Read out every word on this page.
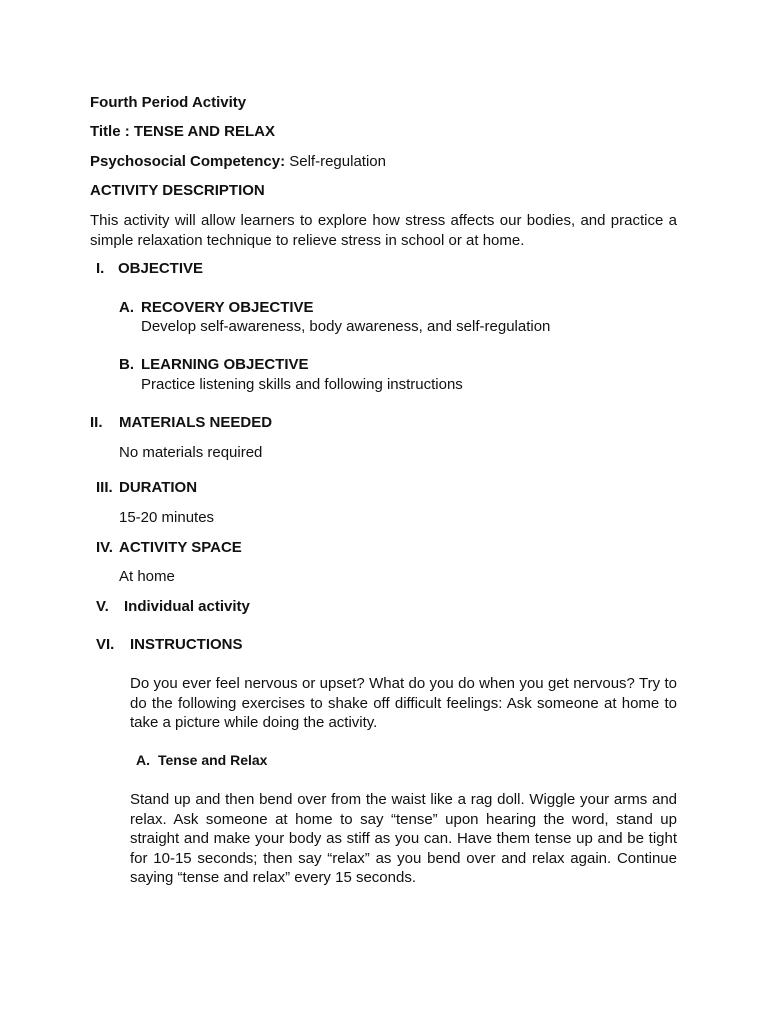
Fourth Period Activity
Title : TENSE AND RELAX
Psychosocial Competency: Self-regulation
ACTIVITY DESCRIPTION
This activity will allow learners to explore how stress affects our bodies, and practice a simple relaxation technique to relieve stress in school or at home.
I. OBJECTIVE
A. RECOVERY OBJECTIVE
Develop self-awareness, body awareness, and self-regulation
B. LEARNING OBJECTIVE
Practice listening skills and following instructions
II. MATERIALS NEEDED
No materials required
III. DURATION
15-20 minutes
IV. ACTIVITY SPACE
At home
V. Individual activity
VI. INSTRUCTIONS
Do you ever feel nervous or upset? What do you do when you get nervous? Try to do the following exercises to shake off difficult feelings: Ask someone at home to take a picture while doing the activity.
A. Tense and Relax
Stand up and then bend over from the waist like a rag doll. Wiggle your arms and relax. Ask someone at home to say “tense” upon hearing the word, stand up straight and make your body as stiff as you can. Have them tense up and be tight for 10-15 seconds; then say “relax” as you bend over and relax again. Continue saying “tense and relax” every 15 seconds.
